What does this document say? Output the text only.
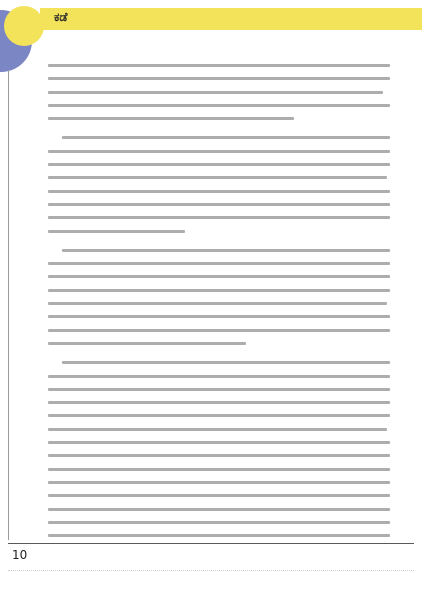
ಕಡೆ
10
